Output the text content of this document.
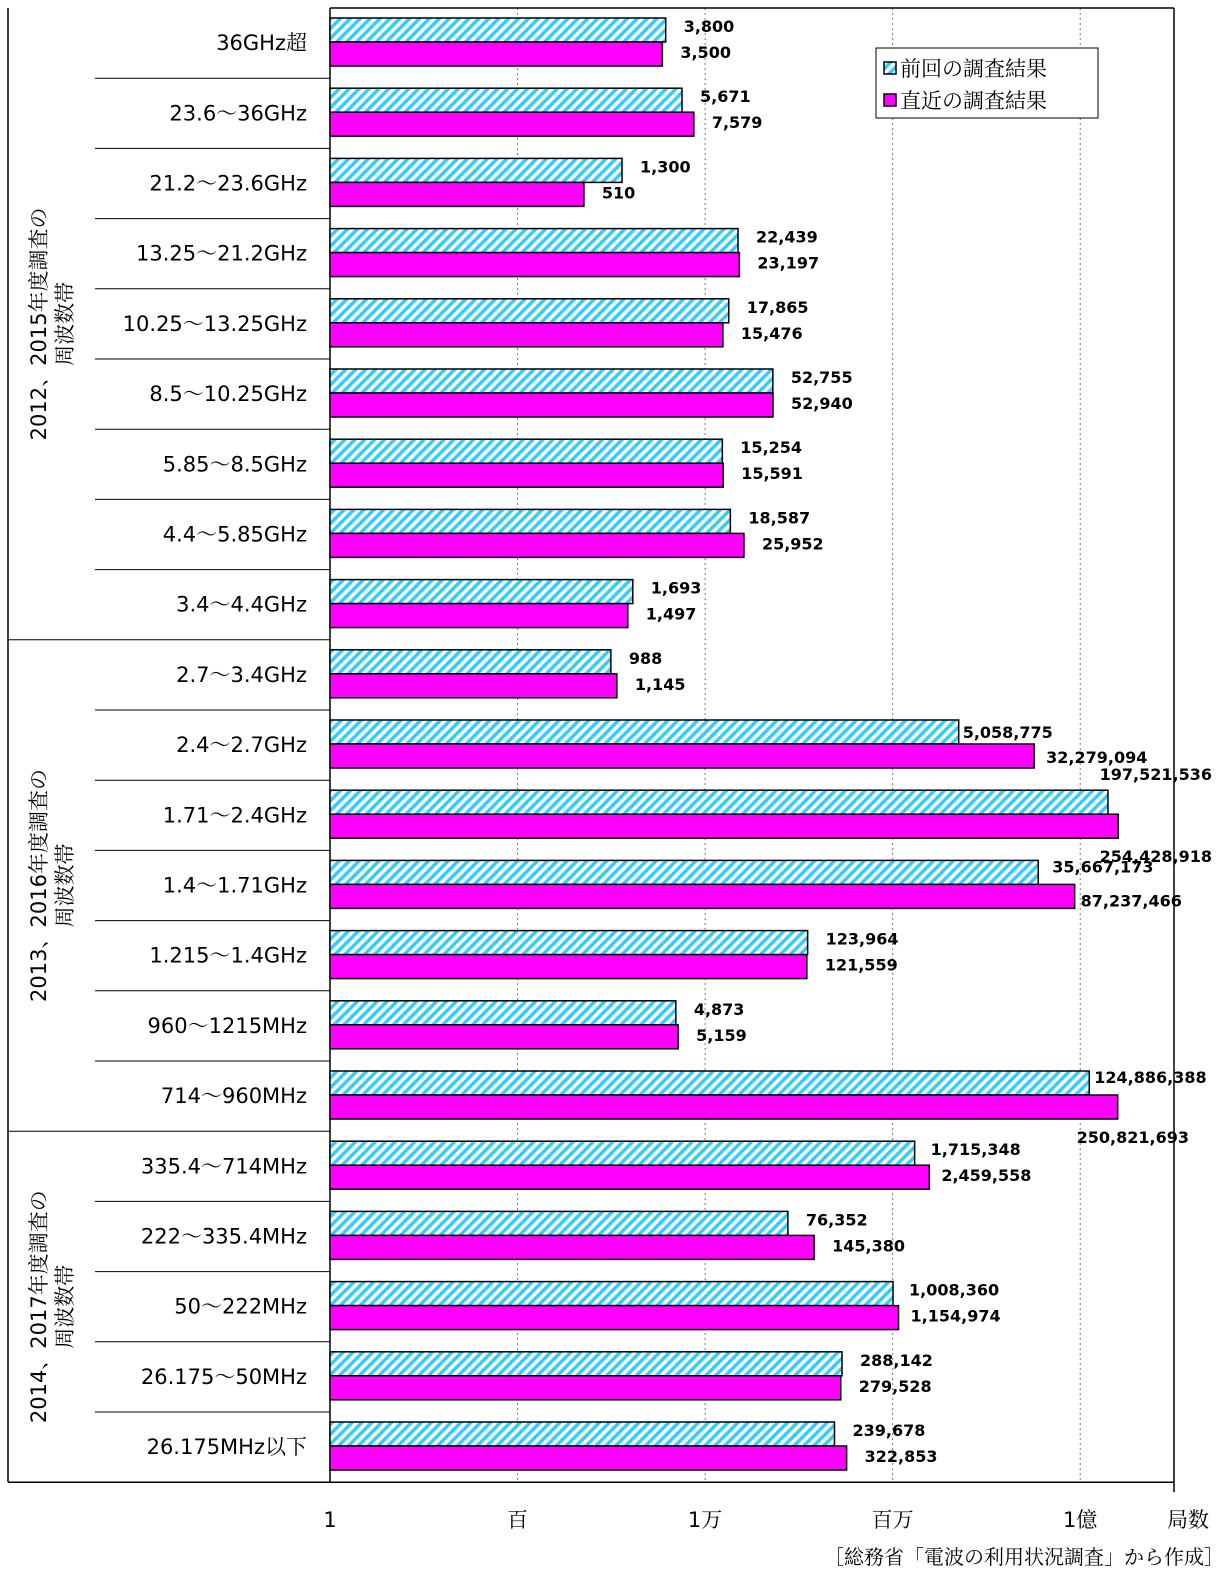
1	百	1万	百万	1億	局数
2012、2015年度調査の周波数帯
2013、2016年度調査の周波数帯
2014、2017年度調査の周波数帯
36GHz超
3,800
3,500
23.6〜36GHz
5,671
7,579
21.2〜23.6GHz
1,300
510
13.25〜21.2GHz
22,439
23,197
10.25〜13.25GHz
17,865
15,476
8.5〜10.25GHz
52,755
52,940
5.85〜8.5GHz
15,254
15,591
4.4〜5.85GHz
18,587
25,952
3.4〜4.4GHz
1,693
1,497
2.7〜3.4GHz
988
1,145
2.4〜2.7GHz
5,058,775
32,279,094
1.71〜2.4GHz
197,521,536
254,428,918
1.4〜1.71GHz
35,667,173
87,237,466
1.215〜1.4GHz
123,964
121,559
960〜1215MHz
4,873
5,159
714〜960MHz
124,886,388
250,821,693
335.4〜714MHz
1,715,348
2,459,558
222〜335.4MHz
76,352
145,380
50〜222MHz
1,008,360
1,154,974
26.175〜50MHz
288,142
279,528
26.175MHz以下
239,678
322,853
［総務省「電波の利用状況調査」から作成］
前回の調査結果
直近の調査結果
